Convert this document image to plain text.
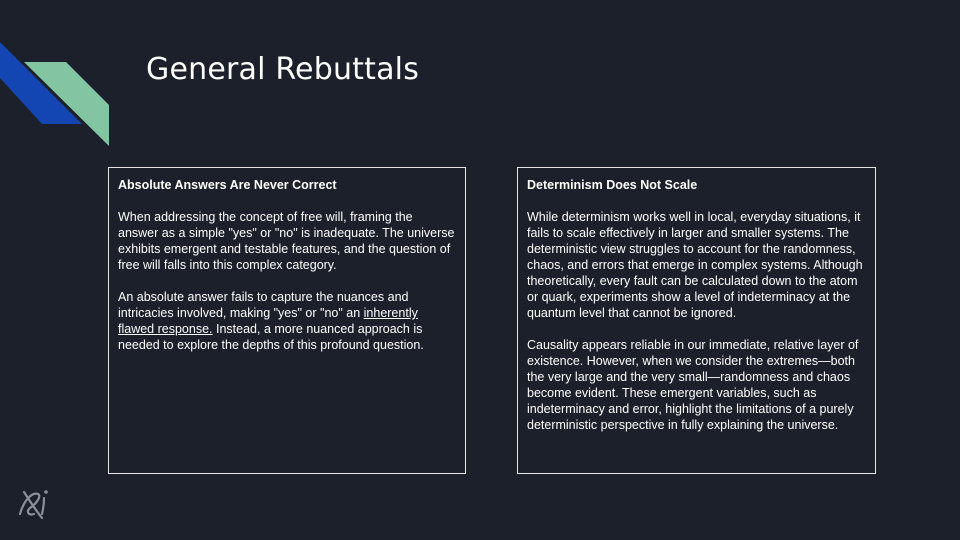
General Rebuttals
Absolute Answers Are Never Correct

When addressing the concept of free will, framing the answer as a simple "yes" or "no" is inadequate. The universe exhibits emergent and testable features, and the question of free will falls into this complex category.

An absolute answer fails to capture the nuances and intricacies involved, making "yes" or "no" an inherently flawed response. Instead, a more nuanced approach is needed to explore the depths of this profound question.

Determinism Does Not Scale

While determinism works well in local, everyday situations, it fails to scale effectively in larger and smaller systems. The deterministic view struggles to account for the randomness, chaos, and errors that emerge in complex systems. Although theoretically, every fault can be calculated down to the atom or quark, experiments show a level of indeterminacy at the quantum level that cannot be ignored.

Causality appears reliable in our immediate, relative layer of existence. However, when we consider the extremes—both the very large and the very small—randomness and chaos become evident. These emergent variables, such as indeterminacy and error, highlight the limitations of a purely deterministic perspective in fully explaining the universe.
